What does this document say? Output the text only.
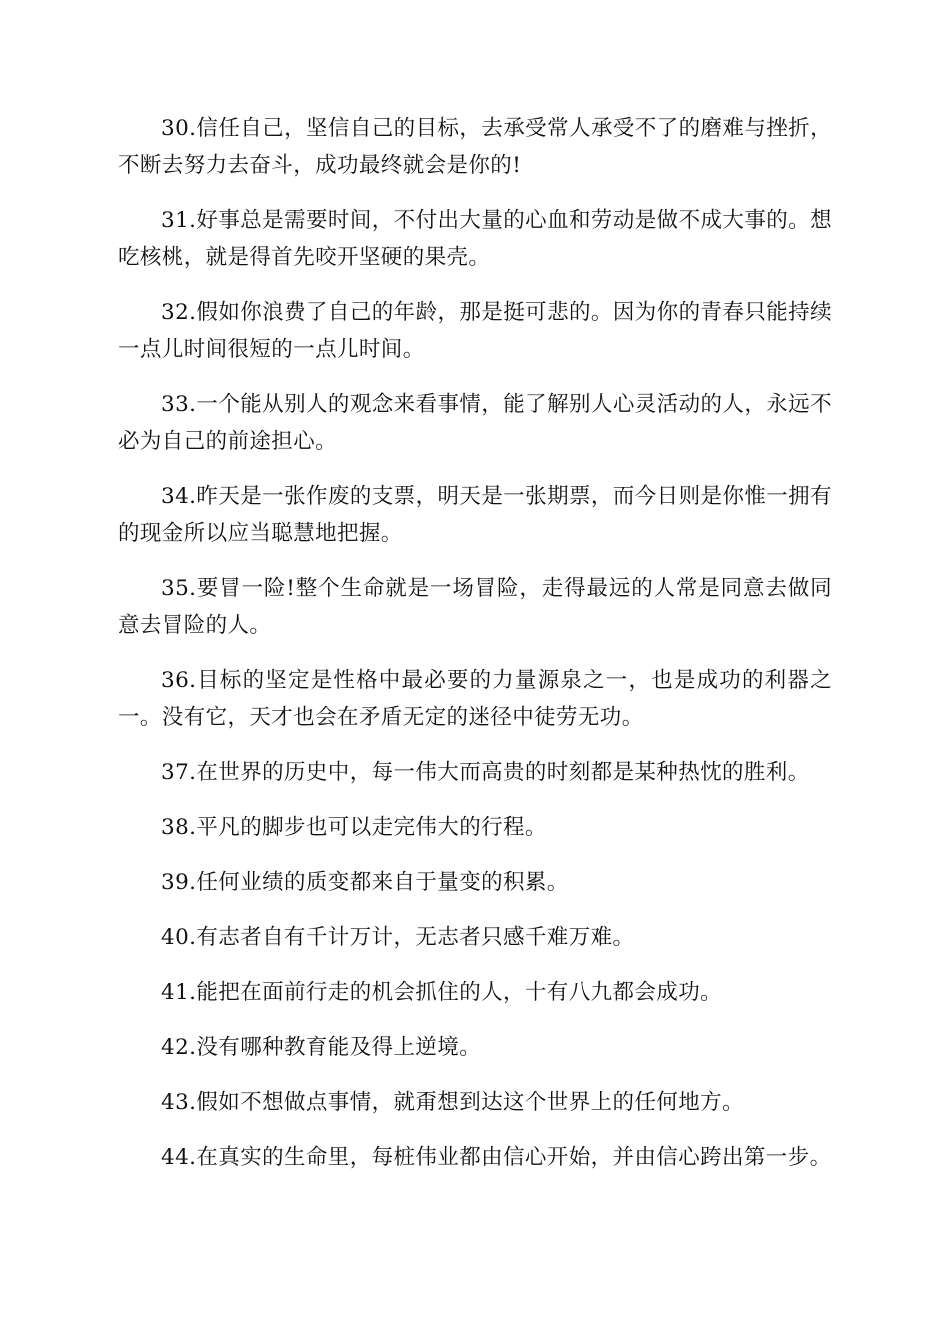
30.信任自己，坚信自己的目标，去承受常人承受不了的磨难与挫折，不断去努力去奋斗，成功最终就会是你的!

31.好事总是需要时间，不付出大量的心血和劳动是做不成大事的。想吃核桃，就是得首先咬开坚硬的果壳。

32.假如你浪费了自己的年龄，那是挺可悲的。因为你的青春只能持续一点儿时间很短的一点儿时间。

33.一个能从别人的观念来看事情，能了解别人心灵活动的人，永远不必为自己的前途担心。

34.昨天是一张作废的支票，明天是一张期票，而今日则是你惟一拥有的现金所以应当聪慧地把握。

35.要冒一险!整个生命就是一场冒险，走得最远的人常是同意去做同意去冒险的人。

36.目标的坚定是性格中最必要的力量源泉之一，也是成功的利器之一。没有它，天才也会在矛盾无定的迷径中徒劳无功。

37.在世界的历史中，每一伟大而高贵的时刻都是某种热忱的胜利。

38.平凡的脚步也可以走完伟大的行程。

39.任何业绩的质变都来自于量变的积累。

40.有志者自有千计万计，无志者只感千难万难。

41.能把在面前行走的机会抓住的人，十有八九都会成功。

42.没有哪种教育能及得上逆境。

43.假如不想做点事情，就甭想到达这个世界上的任何地方。

44.在真实的生命里，每桩伟业都由信心开始，并由信心跨出第一步。
